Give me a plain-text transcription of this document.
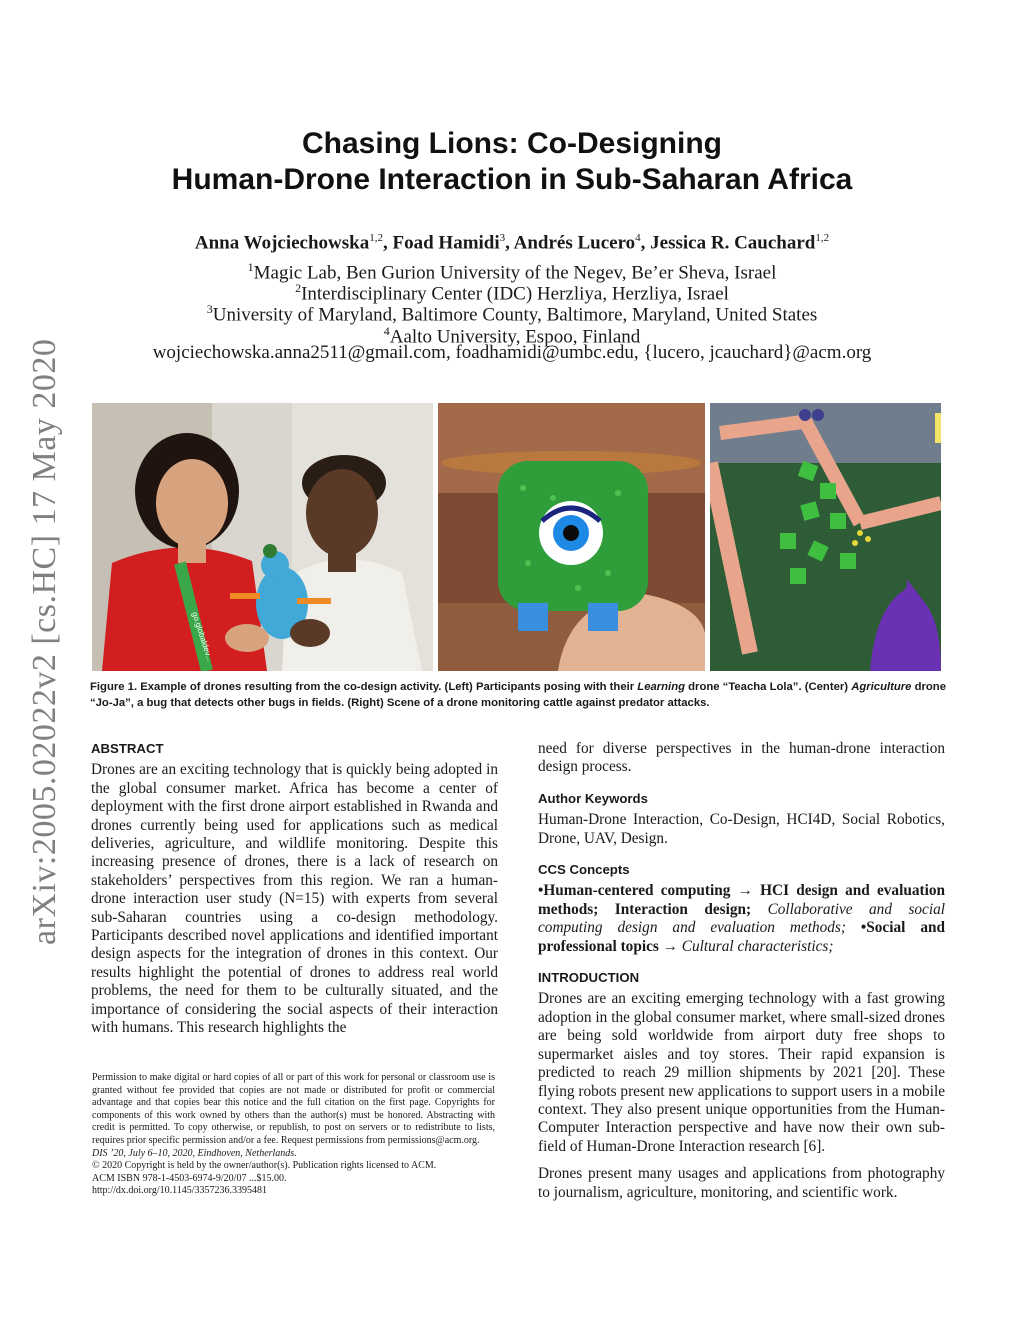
arXiv:2005.02022v2 [cs.HC] 17 May 2020
Chasing Lions: Co-Designing
Human-Drone Interaction in Sub-Saharan Africa
Anna Wojciechowska$^{1,2}$, Foad Hamidi$^3$, Andrés Lucero$^4$, Jessica R. Cauchard$^{1,2}$
$^1$Magic Lab, Ben Gurion University of the Negev, Be’er Sheva, Israel
$^2$Interdisciplinary Center (IDC) Herzliya, Herzliya, Israel
$^3$University of Maryland, Baltimore County, Baltimore, Maryland, United States
$^4$Aalto University, Espoo, Finland
wojciechowska.anna2511@gmail.com, foadhamidi@umbc.edu, {lucero, jcauchard}@acm.org
go.globaldev...
Figure 1. Example of drones resulting from the co-design activity. (Left) Participants posing with their Learning drone “Teacha Lola”. (Center) Agriculture drone “Jo-Ja”, a bug that detects other bugs in fields. (Right) Scene of a drone monitoring cattle against predator attacks.
ABSTRACT

Drones are an exciting technology that is quickly being adopted in the global consumer market. Africa has become a center of deployment with the first drone airport established in Rwanda and drones currently being used for applications such as medical deliveries, agriculture, and wildlife monitoring. Despite this increasing presence of drones, there is a lack of research on stakeholders’ perspectives from this region. We ran a human-drone interaction user study (N=15) with experts from several sub-Saharan countries using a co-design methodology. Participants described novel applications and identified important design aspects for the integration of drones in this context. Our results highlight the potential of drones to address real world problems, the need for them to be culturally situated, and the importance of considering the social aspects of their interaction with humans. This research highlights the

Permission to make digital or hard copies of all or part of this work for personal or classroom use is granted without fee provided that copies are not made or distributed for profit or commercial advantage and that copies bear this notice and the full citation on the first page. Copyrights for components of this work owned by others than the author(s) must be honored. Abstracting with credit is permitted. To copy otherwise, or republish, to post on servers or to redistribute to lists, requires prior specific permission and/or a fee. Request permissions from permissions@acm.org.

DIS ’20, July 6–10, 2020, Eindhoven, Netherlands.

© 2020 Copyright is held by the owner/author(s). Publication rights licensed to ACM.

ACM ISBN 978-1-4503-6974-9/20/07 ...$15.00.

http://dx.doi.org/10.1145/3357236.3395481

need for diverse perspectives in the human-drone interaction design process.

Author Keywords

Human-Drone Interaction, Co-Design, HCI4D, Social Robotics, Drone, UAV, Design.

CCS Concepts

•Human-centered computing → HCI design and evaluation methods; Interaction design; Collaborative and social computing design and evaluation methods; •Social and professional topics → Cultural characteristics;

INTRODUCTION

Drones are an exciting emerging technology with a fast growing adoption in the global consumer market, where small-sized drones are being sold worldwide from airport duty free shops to supermarket aisles and toy stores. Their rapid expansion is predicted to reach 29 million shipments by 2021 [20]. These flying robots present new applications to support users in a mobile context. They also present unique opportunities from the Human-Computer Interaction perspective and have now their own sub-field of Human-Drone Interaction research [6].

Drones present many usages and applications from photography to journalism, agriculture, monitoring, and scientific work.
